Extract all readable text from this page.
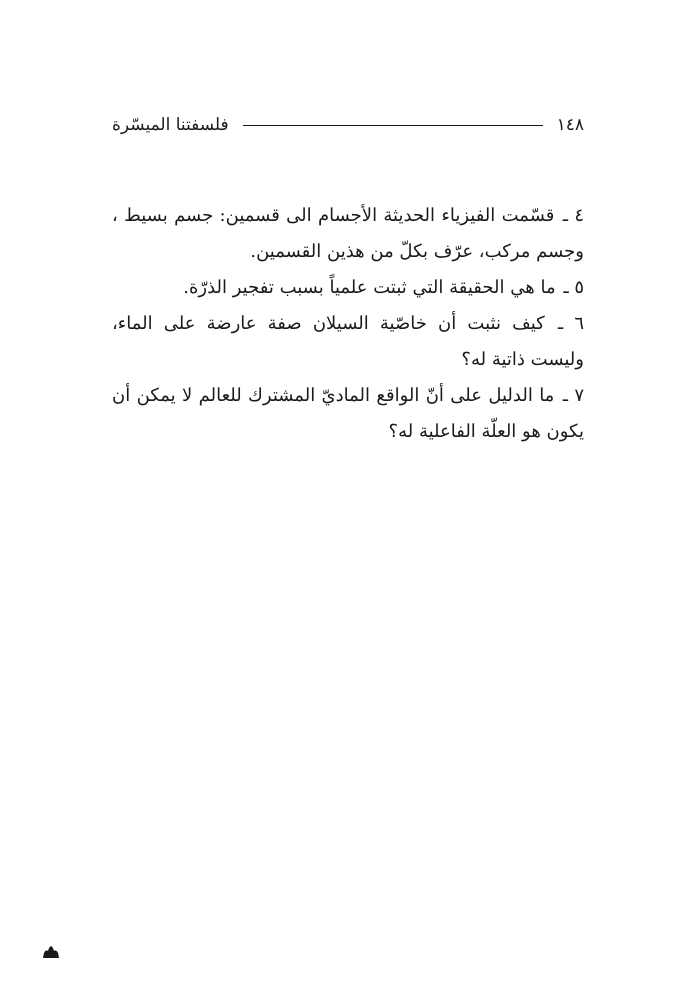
١٤٨
فلسفتنا الميسّرة

٤ ـ قسّمت الفيزياء الحديثة الأجسام الى قسمين: جسم بسيط ، وجسم مركب، عرّف بكلّ من هذين القسمين.

٥ ـ ما هي الحقيقة التي ثبتت علمياً بسبب تفجير الذرّة.

٦ ـ كيف نثبت أن خاصّية السيلان صفة عارضة على الماء، وليست ذاتية له؟

٧ ـ ما الدليل على أنّ الواقع الماديّ المشترك للعالم لا يمكن أن يكون هو العلّة الفاعلية له؟
